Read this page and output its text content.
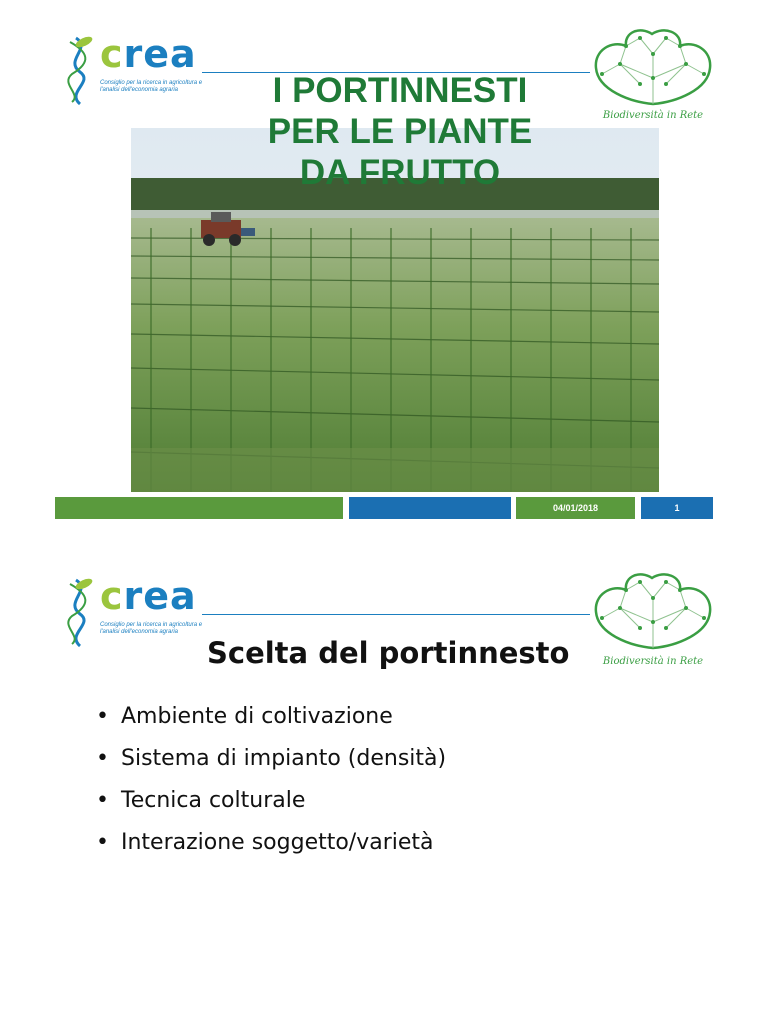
crea
Consiglio per la ricerca in agricoltura e l'analisi dell'economia agraria
Biodiversità in Rete
I PORTINNESTI
PER LE PIANTE
DA FRUTTO
04/01/2018	1
crea
Consiglio per la ricerca in agricoltura e l'analisi dell'economia agraria
Biodiversità in Rete
Scelta del portinnesto
• Ambiente di coltivazione
• Sistema di impianto (densità)
• Tecnica colturale
• Interazione soggetto/varietà
